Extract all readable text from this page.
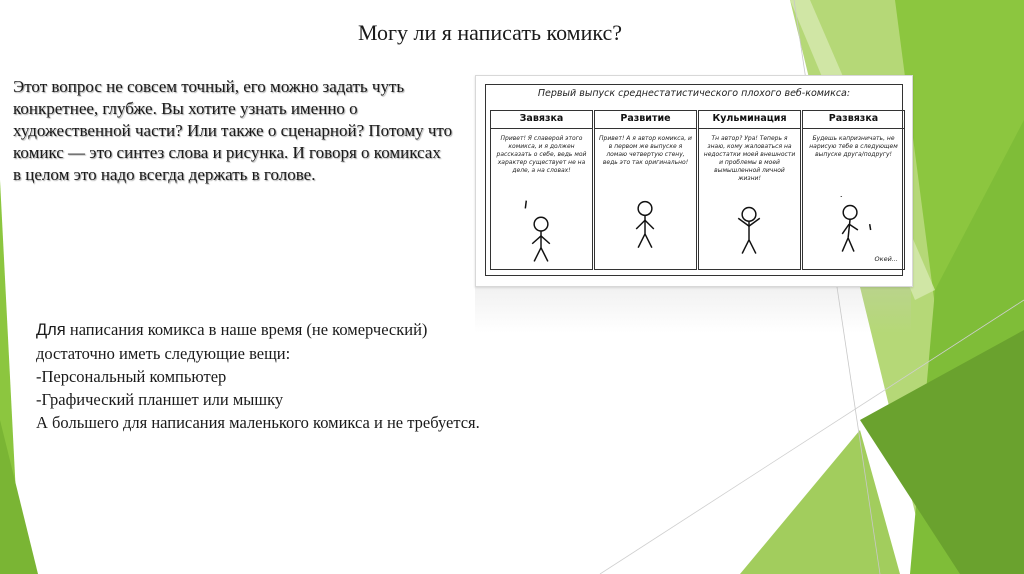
Могу ли я написать комикс?

Этот вопрос не совсем точный, его можно задать чуть конкретнее, глубже. Вы хотите узнать именно о художественной части? Или также о сценарной? Потому что комикс — это синтез слова и рисунка. И говоря о комиксах в целом это надо всегда держать в голове.

Первый выпуск среднестатистического плохого веб-комикса:
Завязка
Привет! Я славерой этого комикса, и я должен рассказать о себе, ведь мой характер существует не на деле, а на словах!
Развитие
Привет! А я автор комикса, и в первом же выпуске я ломаю четвертую стену, ведь это так оригинально!
Кульминация
Тн автор? Ура! Теперь я знаю, кому жаловаться на недостатки моей внешности и проблемы в моей вымышленной личной жизни!
Развязка
Будешь капризничать, не нарисую тебе в следующем выпуске друга/подругу!
Окей...

Для написания комикса в наше время (не комерческий)
достаточно иметь следующие вещи:
-Персональный компьютер
-Графический планшет или мышку
А большего для написания маленького комикса и не требуется.
